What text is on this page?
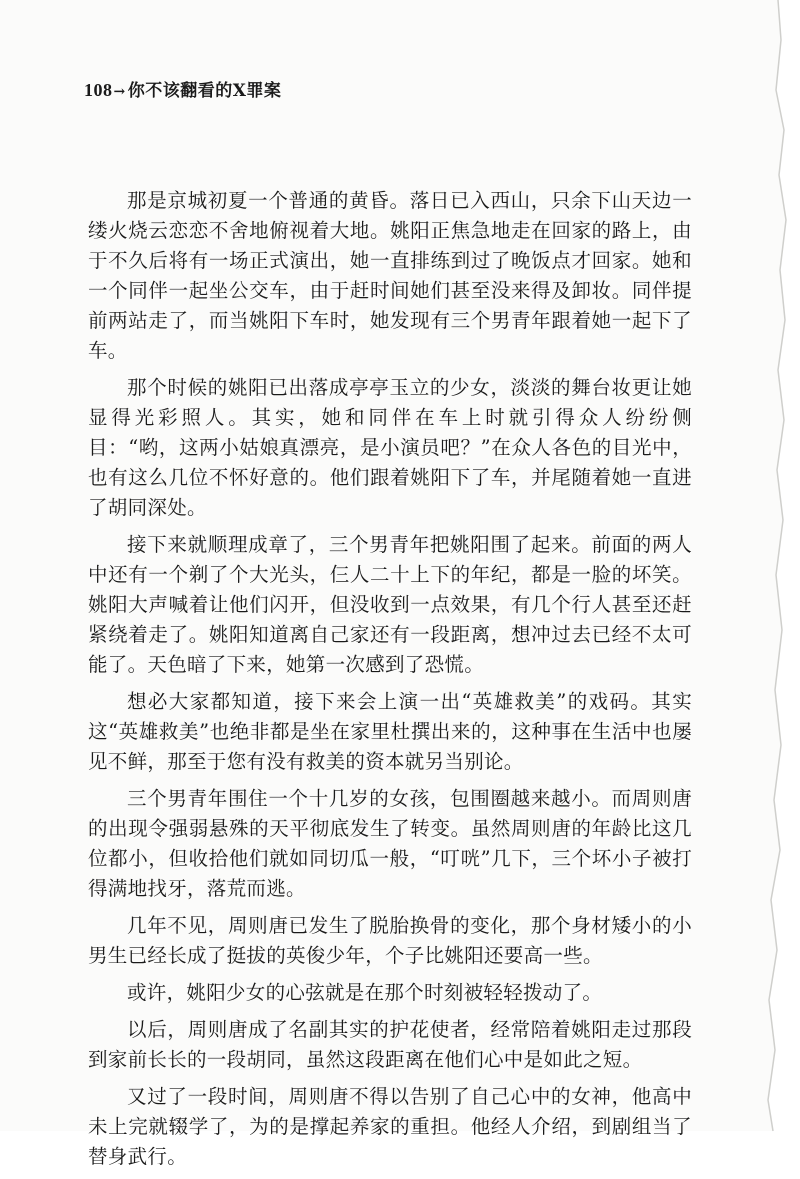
108→ 你不该翻看的X罪案

那是京城初夏一个普通的黄昏。落日已入西山，只余下山天边一缕火烧云恋恋不舍地俯视着大地。姚阳正焦急地走在回家的路上，由于不久后将有一场正式演出，她一直排练到过了晚饭点才回家。她和一个同伴一起坐公交车，由于赶时间她们甚至没来得及卸妆。同伴提前两站走了，而当姚阳下车时，她发现有三个男青年跟着她一起下了车。

那个时候的姚阳已出落成亭亭玉立的少女，淡淡的舞台妆更让她显得光彩照人。其实，她和同伴在车上时就引得众人纷纷侧目：“哟，这两小姑娘真漂亮，是小演员吧？”在众人各色的目光中，也有这么几位不怀好意的。他们跟着姚阳下了车，并尾随着她一直进了胡同深处。

接下来就顺理成章了，三个男青年把姚阳围了起来。前面的两人中还有一个剃了个大光头，仨人二十上下的年纪，都是一脸的坏笑。姚阳大声喊着让他们闪开，但没收到一点效果，有几个行人甚至还赶紧绕着走了。姚阳知道离自己家还有一段距离，想冲过去已经不太可能了。天色暗了下来，她第一次感到了恐慌。

想必大家都知道，接下来会上演一出“英雄救美”的戏码。其实这“英雄救美”也绝非都是坐在家里杜撰出来的，这种事在生活中也屡见不鲜，那至于您有没有救美的资本就另当别论。

三个男青年围住一个十几岁的女孩，包围圈越来越小。而周则唐的出现令强弱悬殊的天平彻底发生了转变。虽然周则唐的年龄比这几位都小，但收拾他们就如同切瓜一般，“叮咣”几下，三个坏小子被打得满地找牙，落荒而逃。

几年不见，周则唐已发生了脱胎换骨的变化，那个身材矮小的小男生已经长成了挺拔的英俊少年，个子比姚阳还要高一些。

或许，姚阳少女的心弦就是在那个时刻被轻轻拨动了。

以后，周则唐成了名副其实的护花使者，经常陪着姚阳走过那段到家前长长的一段胡同，虽然这段距离在他们心中是如此之短。

又过了一段时间，周则唐不得以告别了自己心中的女神，他高中未上完就辍学了，为的是撑起养家的重担。他经人介绍，到剧组当了替身武行。
